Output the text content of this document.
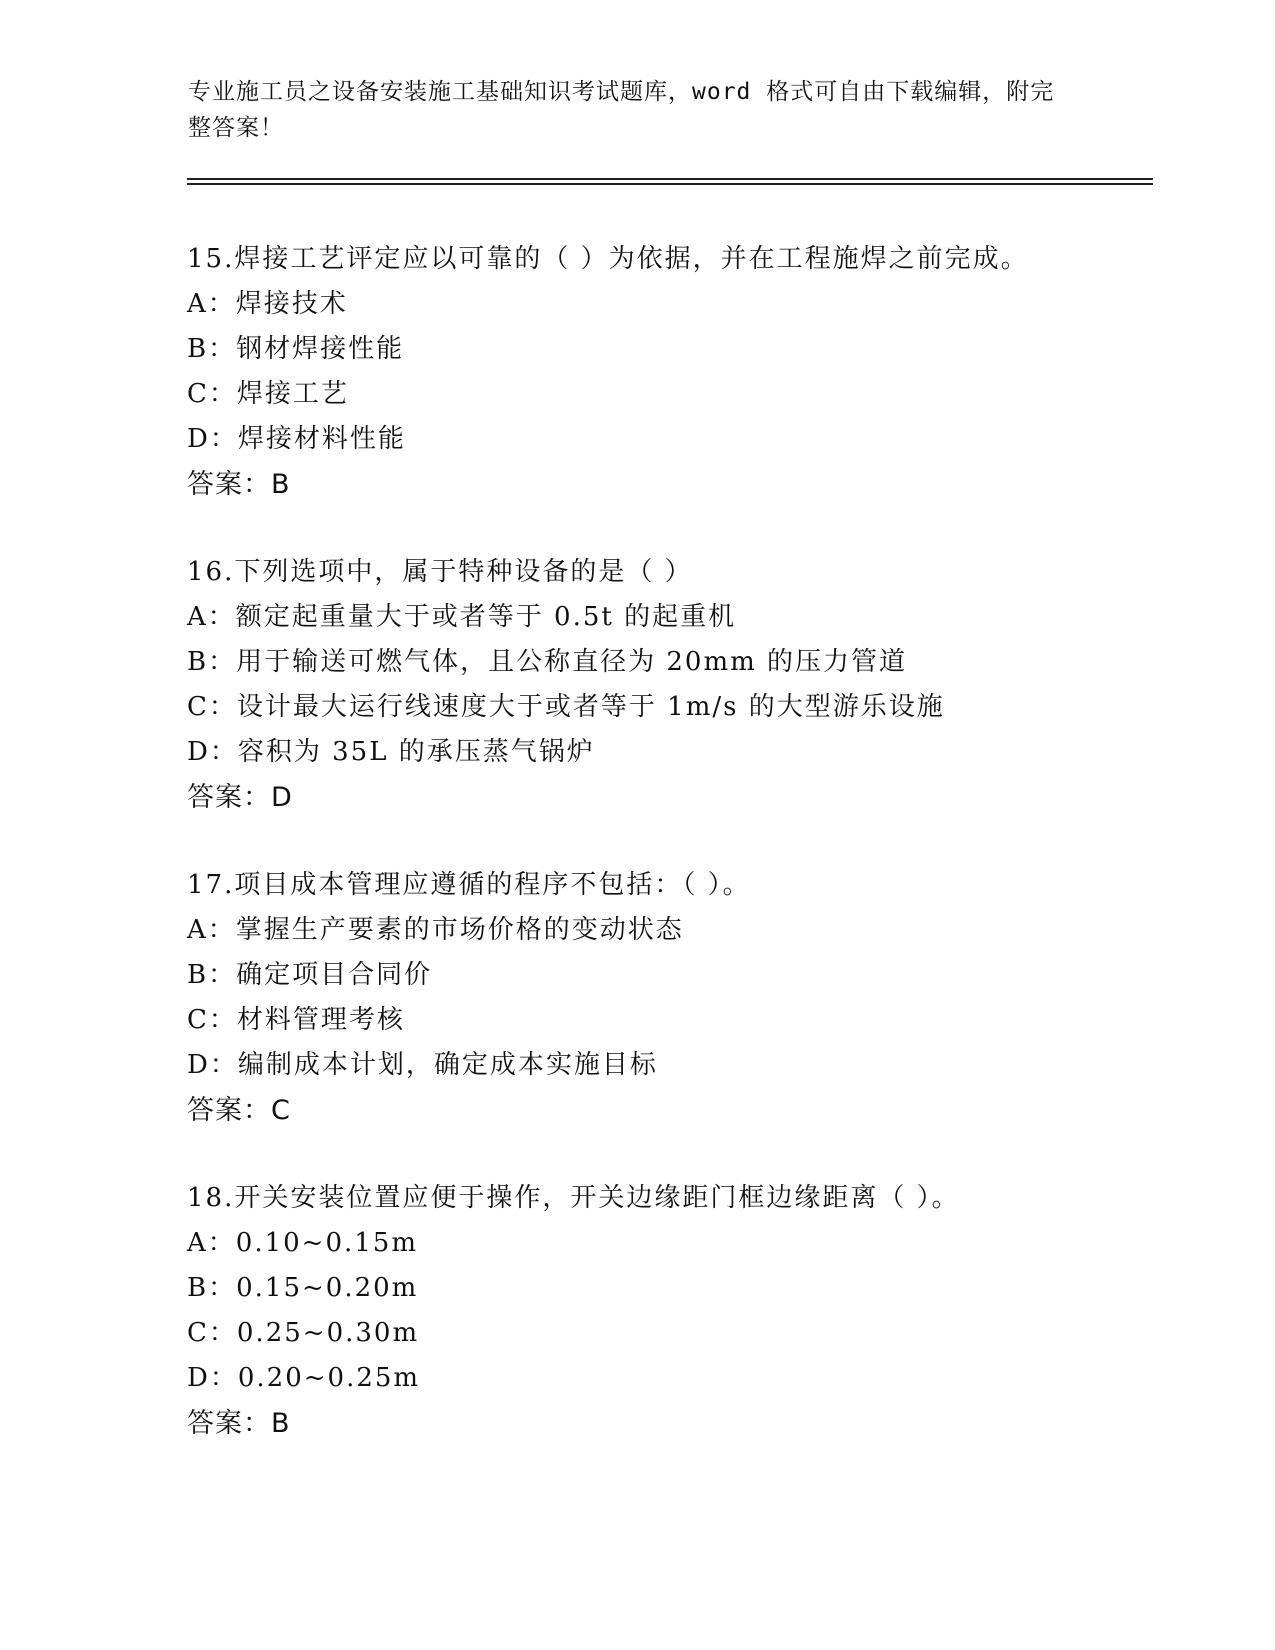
专业施工员之设备安装施工基础知识考试题库，word 格式可自由下载编辑，附完
整答案！
15.焊接工艺评定应以可靠的（ ）为依据，并在工程施焊之前完成。
A：焊接技术
B：钢材焊接性能
C：焊接工艺
D：焊接材料性能
答案：B
16.下列选项中，属于特种设备的是（ ）
A：额定起重量大于或者等于 0.5t 的起重机
B：用于输送可燃气体，且公称直径为 20mm 的压力管道
C：设计最大运行线速度大于或者等于 1m/s 的大型游乐设施
D：容积为 35L 的承压蒸气锅炉
答案：D
17.项目成本管理应遵循的程序不包括：（ ）。
A：掌握生产要素的市场价格的变动状态
B：确定项目合同价
C：材料管理考核
D：编制成本计划，确定成本实施目标
答案：C
18.开关安装位置应便于操作，开关边缘距门框边缘距离（ ）。
A：0.10~0.15m
B：0.15~0.20m
C：0.25~0.30m
D：0.20~0.25m
答案：B
